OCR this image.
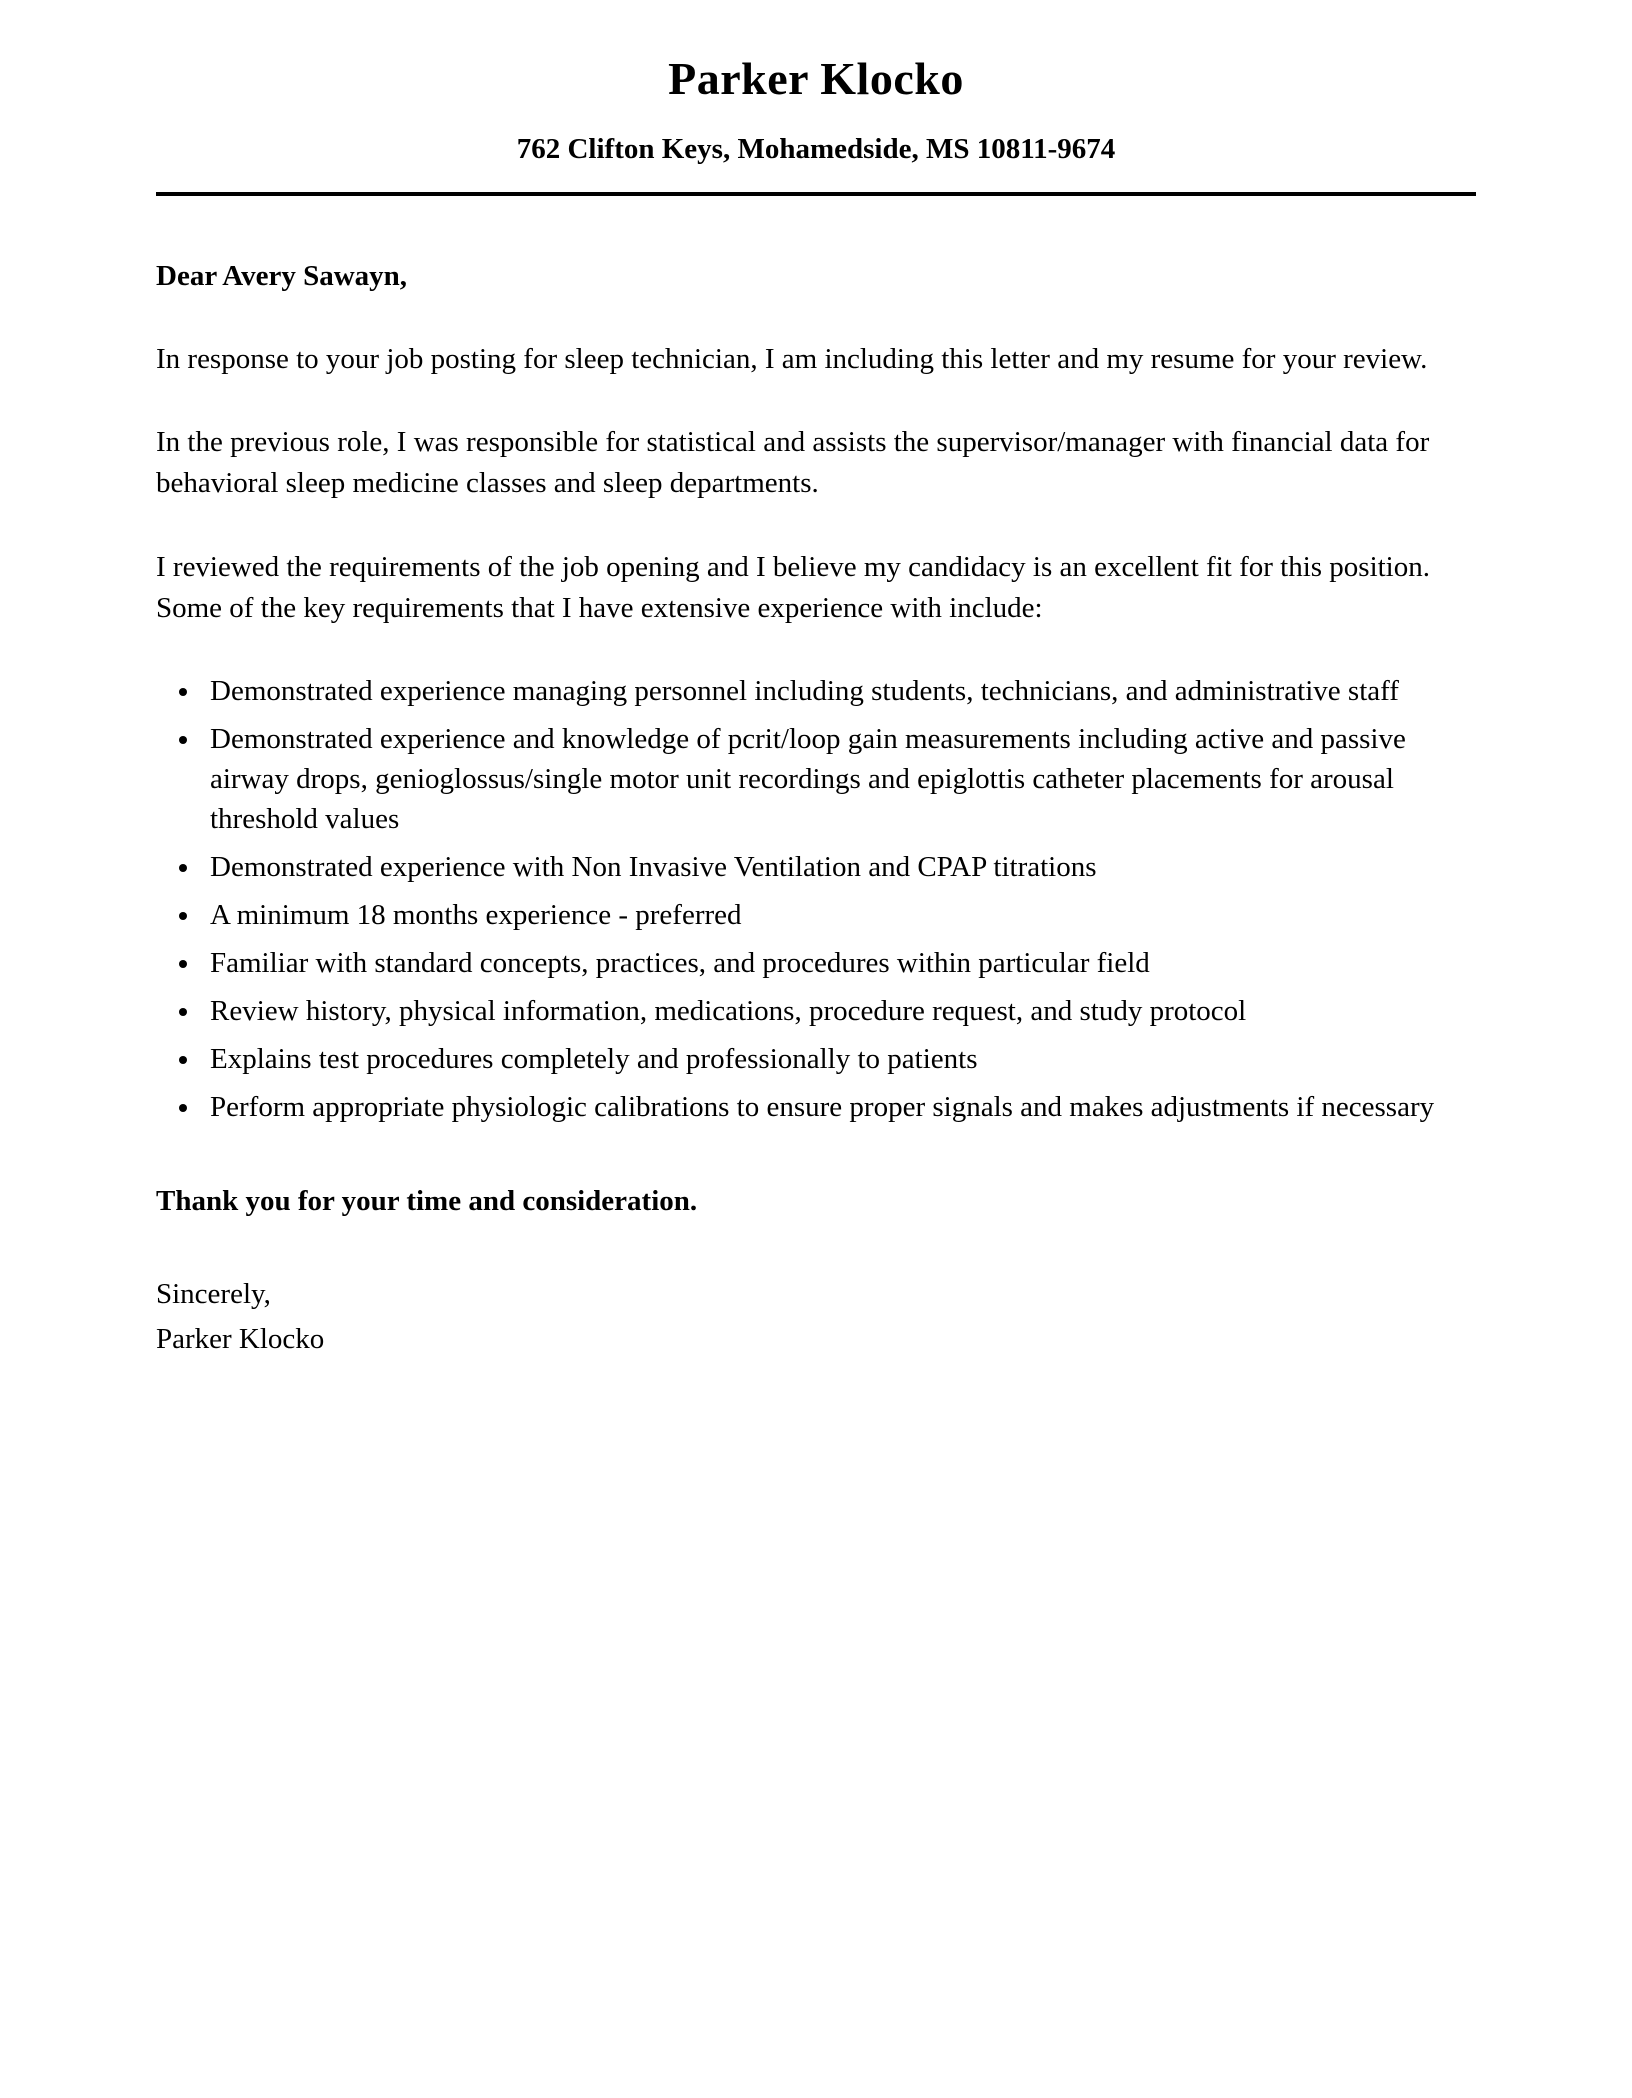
Parker Klocko
762 Clifton Keys, Mohamedside, MS 10811-9674
Dear Avery Sawayn,

In response to your job posting for sleep technician, I am including this letter and my resume for your review.

In the previous role, I was responsible for statistical and assists the supervisor/manager with financial data for behavioral sleep medicine classes and sleep departments.

I reviewed the requirements of the job opening and I believe my candidacy is an excellent fit for this position. Some of the key requirements that I have extensive experience with include:

• Demonstrated experience managing personnel including students, technicians, and administrative staff
• Demonstrated experience and knowledge of pcrit/loop gain measurements including active and passive airway drops, genioglossus/single motor unit recordings and epiglottis catheter placements for arousal threshold values
• Demonstrated experience with Non Invasive Ventilation and CPAP titrations
• A minimum 18 months experience - preferred
• Familiar with standard concepts, practices, and procedures within particular field
• Review history, physical information, medications, procedure request, and study protocol
• Explains test procedures completely and professionally to patients
• Perform appropriate physiologic calibrations to ensure proper signals and makes adjustments if necessary
Thank you for your time and consideration.
Sincerely,
Parker Klocko
